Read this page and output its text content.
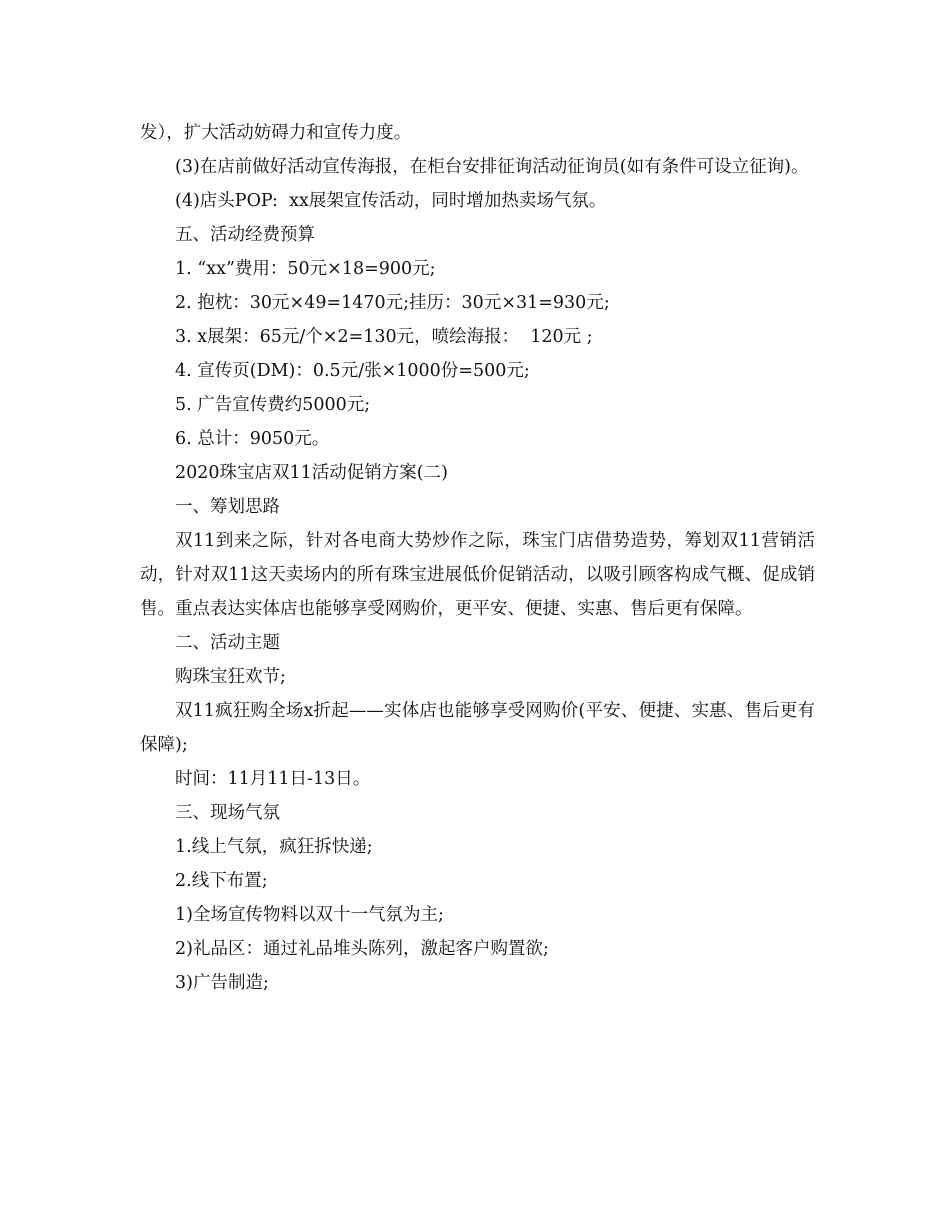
发），扩大活动妨碍力和宣传力度。

(3)在店前做好活动宣传海报，在柜台安排征询活动征询员(如有条件可设立征询)。

(4)店头POP:  xx展架宣传活动，同时增加热卖场气氛。

五、活动经费预算

1. “xx”费用：50元×18=900元;

2. 抱枕：30元×49=1470元;挂历：30元×31=930元;

3. x展架：65元/个×2=130元，喷绘海报：  120元 ;

4. 宣传页(DM)：0.5元/张×1000份=500元;

5. 广告宣传费约5000元;

6. 总计：9050元。

2020珠宝店双11活动促销方案(二)

一、筹划思路

双11到来之际，针对各电商大势炒作之际，珠宝门店借势造势，筹划双11营销活动，针对双11这天卖场内的所有珠宝进展低价促销活动，以吸引顾客构成气概、促成销售。重点表达实体店也能够享受网购价，更平安、便捷、实惠、售后更有保障。

二、活动主题

购珠宝狂欢节;

双11疯狂购全场x折起——实体店也能够享受网购价(平安、便捷、实惠、售后更有保障);

时间：11月11日-13日。

三、现场气氛

1.线上气氛，疯狂拆快递;

2.线下布置;

1)全场宣传物料以双十一气氛为主;

2)礼品区：通过礼品堆头陈列，激起客户购置欲;

3)广告制造;
